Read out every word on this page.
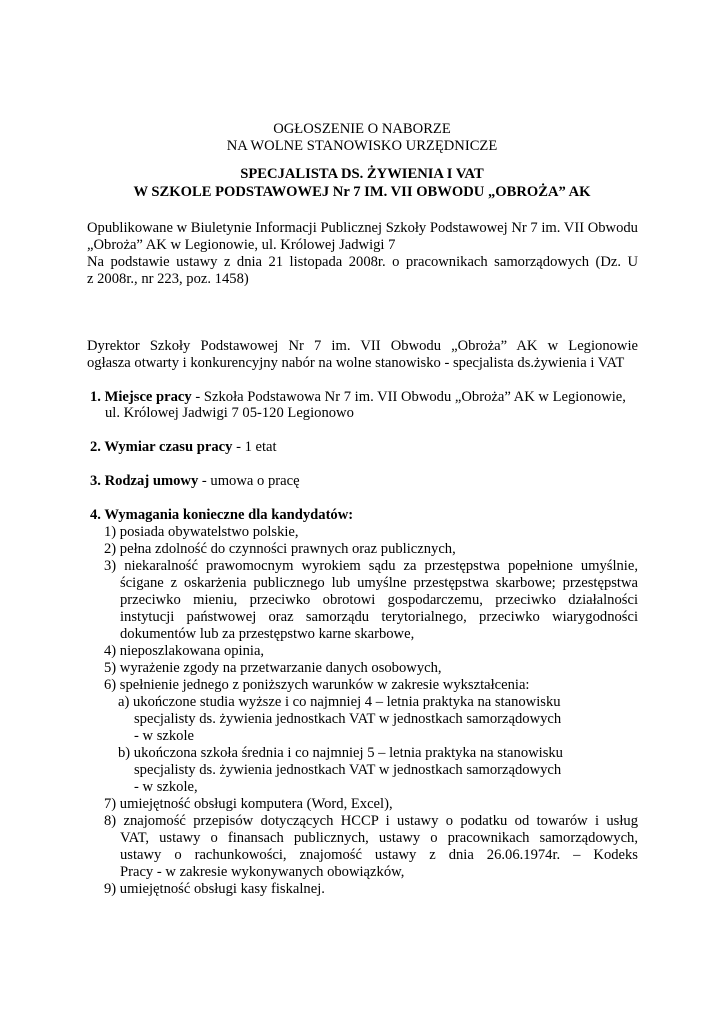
OGŁOSZENIE O NABORZE
NA WOLNE STANOWISKO URZĘDNICZE
SPECJALISTA DS. ŻYWIENIA I VAT
W SZKOLE PODSTAWOWEJ Nr 7 IM. VII OBWODU „OBROŻA” AK
Opublikowane w Biuletynie Informacji Publicznej Szkoły Podstawowej Nr 7 im. VII Obwodu
„Obroża” AK w Legionowie, ul. Królowej Jadwigi 7
Na podstawie ustawy z dnia 21 listopada 2008r. o pracownikach samorządowych (Dz. U
z 2008r., nr 223, poz. 1458)
Dyrektor Szkoły Podstawowej Nr 7 im. VII Obwodu „Obroża” AK w Legionowie
ogłasza otwarty i konkurencyjny nabór na wolne stanowisko - specjalista ds.żywienia i VAT
1. Miejsce pracy - Szkoła Podstawowa Nr 7 im. VII Obwodu „Obroża” AK w Legionowie,
ul. Królowej Jadwigi 7 05-120 Legionowo
2. Wymiar czasu pracy - 1 etat
3. Rodzaj umowy - umowa o pracę
4. Wymagania konieczne dla kandydatów:
1) posiada obywatelstwo polskie,
2) pełna zdolność do czynności prawnych oraz publicznych,
3) niekaralność prawomocnym wyrokiem sądu za przestępstwa popełnione umyślnie,
ścigane z oskarżenia publicznego lub umyślne przestępstwa skarbowe; przestępstwa
przeciwko mieniu, przeciwko obrotowi gospodarczemu, przeciwko działalności
instytucji państwowej oraz samorządu terytorialnego, przeciwko wiarygodności
dokumentów lub za przestępstwo karne skarbowe,
4) nieposzlakowana opinia,
5) wyrażenie zgody na przetwarzanie danych osobowych,
6) spełnienie jednego z poniższych warunków w zakresie wykształcenia:
a) ukończone studia wyższe i co najmniej 4 – letnia praktyka na stanowisku
specjalisty ds. żywienia jednostkach VAT w jednostkach samorządowych
- w szkole
b) ukończona szkoła średnia i co najmniej 5 – letnia praktyka na stanowisku
specjalisty ds. żywienia jednostkach VAT w jednostkach samorządowych
- w szkole,
7) umiejętność obsługi komputera (Word, Excel),
8) znajomość przepisów dotyczących HCCP i ustawy o podatku od towarów i usług
VAT, ustawy o finansach publicznych, ustawy o pracownikach samorządowych,
ustawy o rachunkowości, znajomość ustawy z dnia 26.06.1974r. – Kodeks
Pracy - w zakresie wykonywanych obowiązków,
9) umiejętność obsługi kasy fiskalnej.
